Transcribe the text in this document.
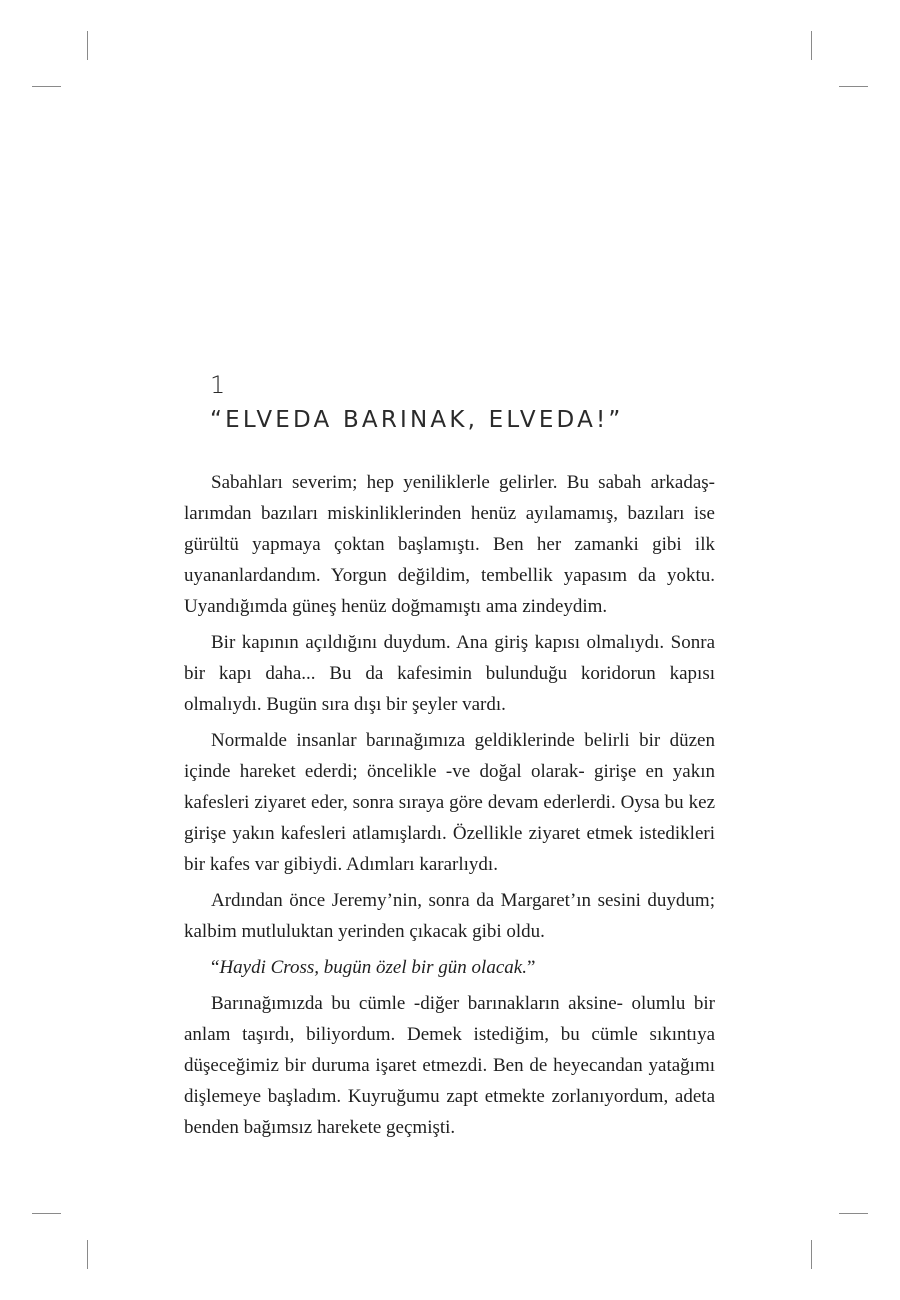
1
“ELVEDA BARINAK, ELVEDA!”

Sabahları severim; hep yeniliklerle gelirler. Bu sabah arkadaşlarımdan bazıları miskinliklerinden henüz ayılamamış, bazıları ise gürültü yapmaya çoktan başlamıştı. Ben her zamanki gibi ilk uyananlardandım. Yorgun değildim, tembellik yapasım da yoktu. Uyandığımda güneş henüz doğmamıştı ama zindeydim.

Bir kapının açıldığını duydum. Ana giriş kapısı olmalıydı. Sonra bir kapı daha... Bu da kafesimin bulunduğu koridorun kapısı olmalıydı. Bugün sıra dışı bir şeyler vardı.

Normalde insanlar barınağımıza geldiklerinde belirli bir düzen içinde hareket ederdi; öncelikle -ve doğal olarak- girişe en yakın kafesleri ziyaret eder, sonra sıraya göre devam ederlerdi. Oysa bu kez girişe yakın kafesleri atlamışlardı. Özellikle ziyaret etmek istedikleri bir kafes var gibiydi. Adımları kararlıydı.

Ardından önce Jeremy’nin, sonra da Margaret’ın sesini duydum; kalbim mutluluktan yerinden çıkacak gibi oldu.

“Haydi Cross, bugün özel bir gün olacak.”

Barınağımızda bu cümle -diğer barınakların aksine- olumlu bir anlam taşırdı, biliyordum. Demek istediğim, bu cümle sıkıntıya düşeceğimiz bir duruma işaret etmezdi. Ben de heyecandan yatağımı dişlemeye başladım. Kuyruğumu zapt etmekte zorlanıyordum, adeta benden bağımsız harekete geçmişti.
